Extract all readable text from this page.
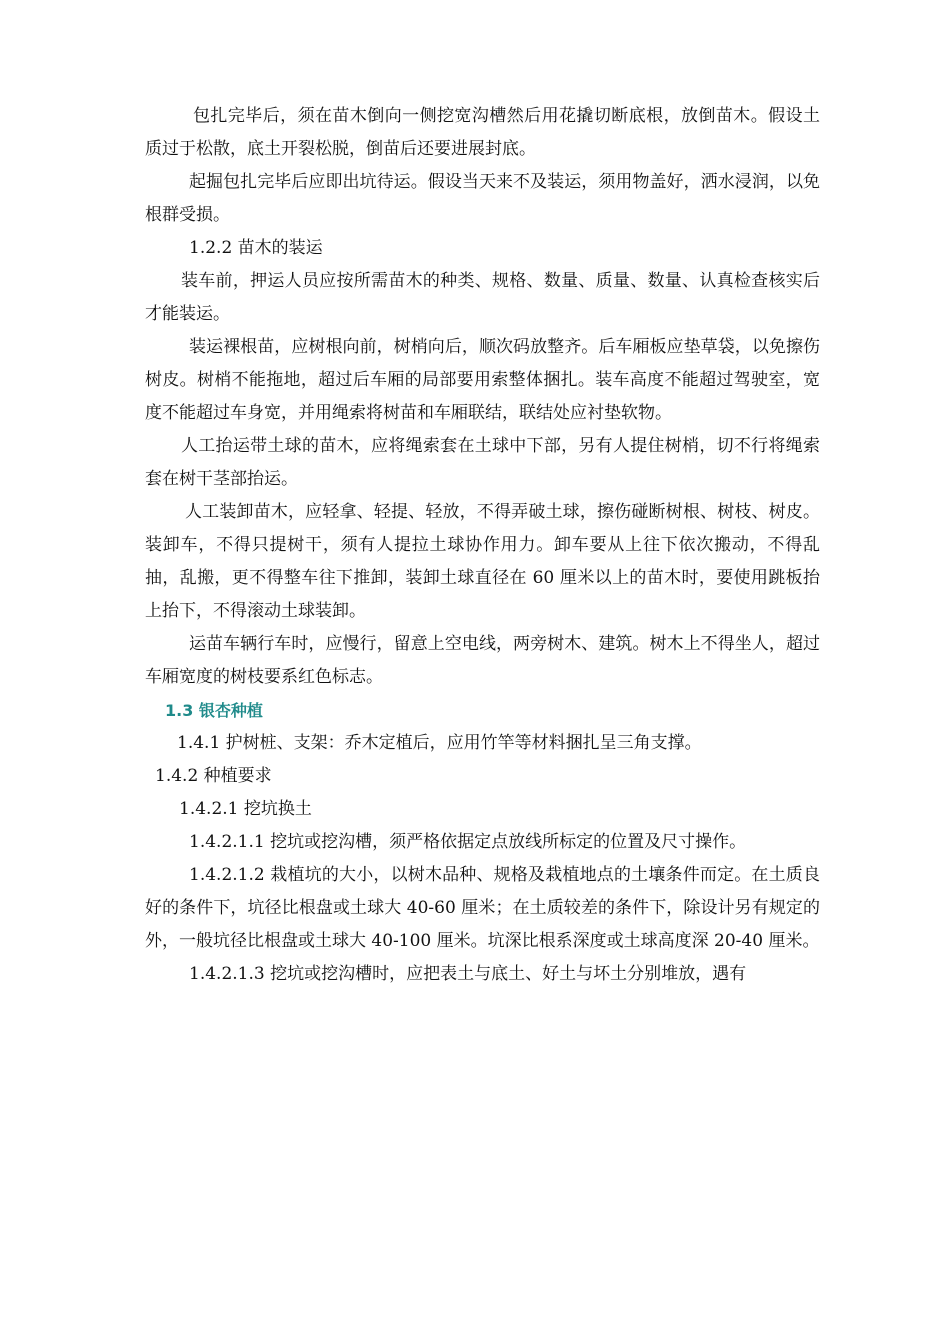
包扎完毕后，须在苗木倒向一侧挖宽沟槽然后用花撬切断底根，放倒苗木。假设土质过于松散，底土开裂松脱，倒苗后还要进展封底。

起掘包扎完毕后应即出坑待运。假设当天来不及装运，须用物盖好，洒水浸润，以免根群受损。

1.2.2 苗木的装运

装车前，押运人员应按所需苗木的种类、规格、数量、质量、数量、认真检查核实后才能装运。

装运裸根苗，应树根向前，树梢向后，顺次码放整齐。后车厢板应垫草袋，以免擦伤树皮。树梢不能拖地，超过后车厢的局部要用索整体捆扎。装车高度不能超过驾驶室，宽度不能超过车身宽，并用绳索将树苗和车厢联结，联结处应衬垫软物。

人工抬运带土球的苗木，应将绳索套在土球中下部，另有人提住树梢，切不行将绳索套在树干茎部抬运。

人工装卸苗木，应轻拿、轻提、轻放，不得弄破土球，擦伤碰断树根、树枝、树皮。装卸车，不得只提树干，须有人提拉土球协作用力。卸车要从上往下依次搬动，不得乱抽，乱搬，更不得整车往下推卸，装卸土球直径在 60 厘米以上的苗木时，要使用跳板抬上抬下，不得滚动土球装卸。

运苗车辆行车时，应慢行，留意上空电线，两旁树木、建筑。树木上不得坐人，超过车厢宽度的树枝要系红色标志。

1.3 银杏种植

1.4.1 护树桩、支架：乔木定植后，应用竹竿等材料捆扎呈三角支撑。

1.4.2 种植要求

1.4.2.1 挖坑换土

1.4.2.1.1 挖坑或挖沟槽，须严格依据定点放线所标定的位置及尺寸操作。

1.4.2.1.2 栽植坑的大小，以树木品种、规格及栽植地点的土壤条件而定。在土质良好的条件下，坑径比根盘或土球大 40-60 厘米；在土质较差的条件下，除设计另有规定的外，一般坑径比根盘或土球大 40-100 厘米。坑深比根系深度或土球高度深 20-40 厘米。

1.4.2.1.3 挖坑或挖沟槽时，应把表土与底土、好土与坏土分别堆放，遇有
